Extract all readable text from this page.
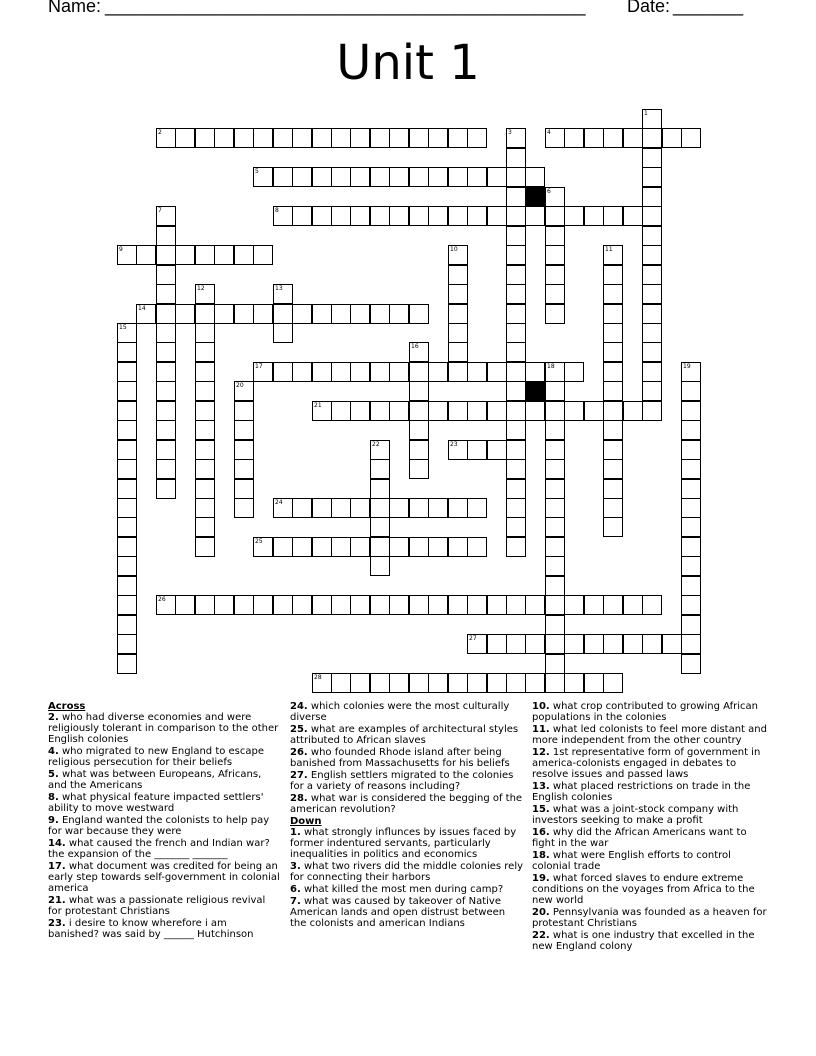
Name: ________________________________________________ Date: _______
Unit 1
2	4
1
3
5
6
7	8
9	10	11
12	13
14
15
16
17	18	19
20
21
22	23
24
25
26
27
28
Across
2. who had diverse economies and were religiously tolerant in comparison to the other English colonies
4. who migrated to new England to escape religious persecution for their beliefs
5. what was between Europeans, Africans, and the Americans
8. what physical feature impacted settlers' ability to move westward
9. England wanted the colonists to help pay for war because they were
14. what caused the french and Indian war? the expansion of the _______ _______
17. what document was credited for being an early step towards self-government in colonial america
21. what was a passionate religious revival for protestant Christians
23. i desire to know wherefore i am banished? was said by ______ Hutchinson
24. which colonies were the most culturally diverse
25. what are examples of architectural styles attributed to African slaves
26. who founded Rhode island after being banished from Massachusetts for his beliefs
27. English settlers migrated to the colonies for a variety of reasons including?
28. what war is considered the begging of the american revolution?
Down
1. what strongly influnces by issues faced by former indentured servants, particularly inequalities in politics and economics
3. what two rivers did the middle colonies rely for connecting their harbors
6. what killed the most men during camp?
7. what was caused by takeover of Native American lands and open distrust between the colonists and american Indians
10. what crop contributed to growing African populations in the colonies
11. what led colonists to feel more distant and more independent from the other country
12. 1st representative form of government in america-colonists engaged in debates to resolve issues and passed laws
13. what placed restrictions on trade in the English colonies
15. what was a joint-stock company with investors seeking to make a profit
16. why did the African Americans want to fight in the war
18. what were English efforts to control colonial trade
19. what forced slaves to endure extreme conditions on the voyages from Africa to the new world
20. Pennsylvania was founded as a heaven for protestant Christians
22. what is one industry that excelled in the new England colony
